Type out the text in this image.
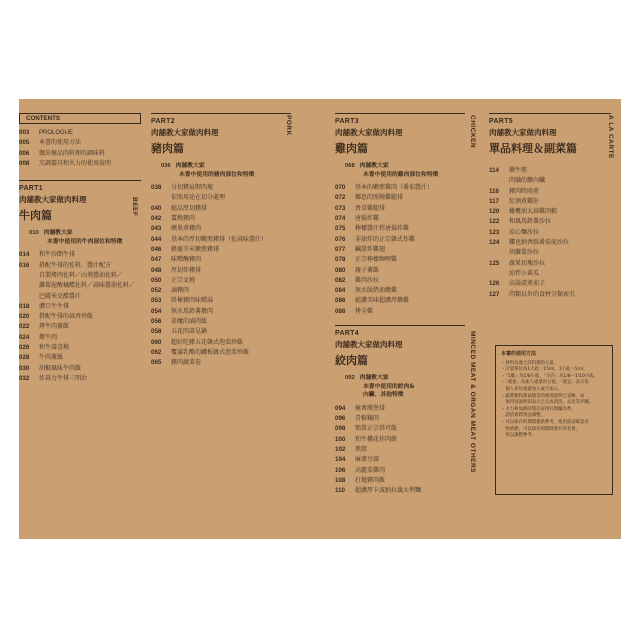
CONTENTS
003	PROLOGUE
005	本書的使用方法
006	做出極品肉料理的調味料
008	烹調器具和火力的使用說明
PART1
肉舖教大家做肉料理
牛肉篇
010 肉舖教大家
本書中使用的牛肉部位和特徵
014	和牛沙朗牛排
016	搭配牛排的佐料．醬汁配方
自製烤肉佐料／山葵醬油佐料／
蘿蔔泥酸橘醋佐料／蒜味醬油佐料／
巴薩米克醋醬汁
018	濃口牛牛排
020	搭配牛排的蒜香炒飯
022	烤牛肉蓋飯
024	燉牛肉
026	和牛壽喜燒
028	牛肉蓋飯
030	胡椒風味牛肉飯
032	炸蒜力牛排三明治
BEEF
PART2
肉舖教大家做肉料理
豬肉篇
036 肉舖教大家
本書中使用的豬肉部位和特徵
038	分切豬肩胛肉塊
依照用途在切分處理
040	絕品厚切豬排
042	薑燒豬肉
043	蘋果煮豬肉
044	基本的厚切嫩煎豬排（佐蒜味醬汁）
046	蜂蜜芥末嫩煎豬排
047	味噌醃豬肉
048	厚切炸豬排
050	正宗叉燒
052	滷豬肉
053	終極豬肉味噌湯
054	無水馬鈴薯燉肉
056	慕魔的滷肉飯
058	五花肉壽見鍋
060	超好吃豬五花韓式泡菜炒飯
062	覆滿乳酪的鐵板韓式泡菜炒飯
065	豬肉蔬菜卷
PORK	PART3
肉舖教大家做肉料理
雞肉篇
068 肉舖教大家
本書中使用的雞肉部位和特徵
070	基本的嫩煎雞肉（番茄醬汁）
072	鄉思的照燒雞腿排
073	香草雞腿排
074	唐揚炸雞
075	檸檬醬汁拌唐揚炸雞
076	非油炸的正宗韓式炸雞
077	鹹甜炸雞翅
078	正宗檸檬咖哩雞
080	親子蓋飯
082	雞肉沙拉
084	無水版奶油燉雞
086	絕讚美味超濃厚燉雞
088	烤全雞
PART4
肉舖教大家做肉料理
絞肉篇
092 肉舖教大家
本書中使用的絞肉&
內臟．其他特徵
094	極奢漢堡排
096	青椒鑲肉
098	簡單正宗塔可飯
100	和牛櫻花炸肉餅
102	煎餃
104	麻婆豆腐
106	高麗菜雞肉
108	打拋豬肉飯
110	超濃厚卡波納拉義大利麵
CHICKEN
MINCED MEAT & ORGAN MEAT OTHERS
PART5
肉舖教大家做肉料理
單品料理＆副菜篇
114	燉牛筋
肉舖的燉內臟
116	豬肉時雨煮
117	紅酒煮雞肝
120	橄欖油大蒜雞肉蝦
122	和風馬鈴薯沙拉
123	涼心麵沙拉
124	鏤也納香腸番茄泥沙拉
胡蘿蔔沙拉
125	蔬果切塊沙拉
涼拌小黃瓜
126	高湯漬煮茄子
127	肉類以外的食材分類索引
A LA CARTE
本書的使用方法
・材料為適合該料理的分量。
・計量單位為1大匙＝15ml、1小匙＝5ml。
・「1撮」為1/8小匙，「少許」為1/8～1/10小匙。
・「適量」為加入適量的分量，「適宜」表示依
　個人喜好適量加入或不加入。
・蔬菜類和菌菇類等的處理說明已省略，如
　無特別說明即表示已完成清洗、去皮等步驟。
・火力和加熱時間以家用瓦斯爐為準，
　請依實際情況調整。
・可以保存的期間僅供參考，使用前請確認食
　物狀態，可以保存的期間會有所差異，
　用以調整參考。
